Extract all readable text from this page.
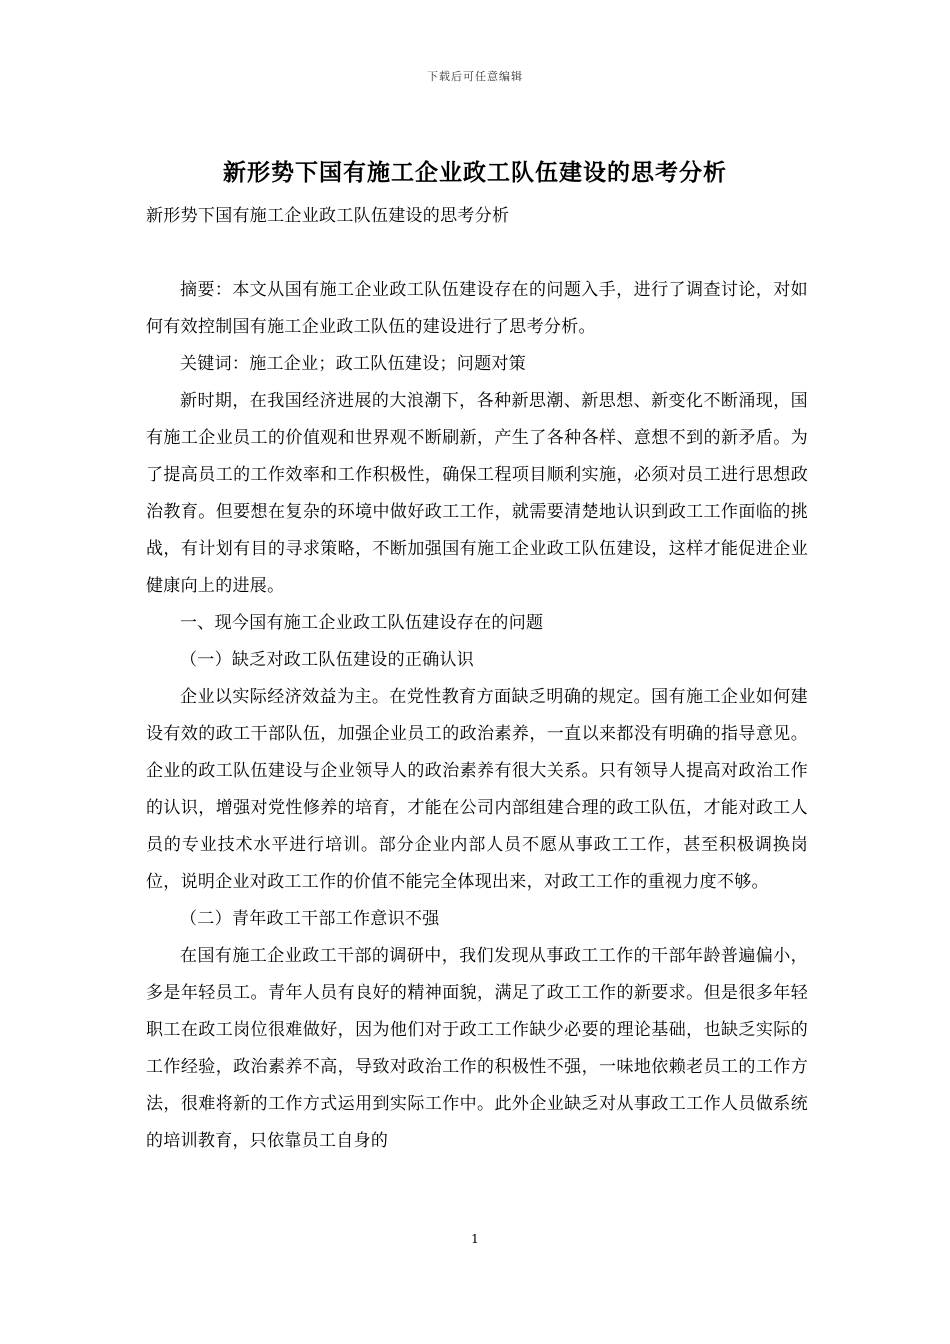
下载后可任意编辑
新形势下国有施工企业政工队伍建设的思考分析

新形势下国有施工企业政工队伍建设的思考分析

摘要：本文从国有施工企业政工队伍建设存在的问题入手，进行了调查讨论，对如何有效控制国有施工企业政工队伍的建设进行了思考分析。

关键词：施工企业；政工队伍建设；问题对策

新时期，在我国经济进展的大浪潮下，各种新思潮、新思想、新变化不断涌现，国有施工企业员工的价值观和世界观不断刷新，产生了各种各样、意想不到的新矛盾。为了提高员工的工作效率和工作积极性，确保工程项目顺利实施，必须对员工进行思想政治教育。但要想在复杂的环境中做好政工工作，就需要清楚地认识到政工工作面临的挑战，有计划有目的寻求策略，不断加强国有施工企业政工队伍建设，这样才能促进企业健康向上的进展。

一、现今国有施工企业政工队伍建设存在的问题

（一）缺乏对政工队伍建设的正确认识

企业以实际经济效益为主。在党性教育方面缺乏明确的规定。国有施工企业如何建设有效的政工干部队伍，加强企业员工的政治素养，一直以来都没有明确的指导意见。企业的政工队伍建设与企业领导人的政治素养有很大关系。只有领导人提高对政治工作的认识，增强对党性修养的培育，才能在公司内部组建合理的政工队伍，才能对政工人员的专业技术水平进行培训。部分企业内部人员不愿从事政工工作，甚至积极调换岗位，说明企业对政工工作的价值不能完全体现出来，对政工工作的重视力度不够。

（二）青年政工干部工作意识不强

在国有施工企业政工干部的调研中，我们发现从事政工工作的干部年龄普遍偏小，多是年轻员工。青年人员有良好的精神面貌，满足了政工工作的新要求。但是很多年轻职工在政工岗位很难做好，因为他们对于政工工作缺少必要的理论基础，也缺乏实际的工作经验，政治素养不高，导致对政治工作的积极性不强，一味地依赖老员工的工作方法，很难将新的工作方式运用到实际工作中。此外企业缺乏对从事政工工作人员做系统的培训教育，只依靠员工自身的

1
